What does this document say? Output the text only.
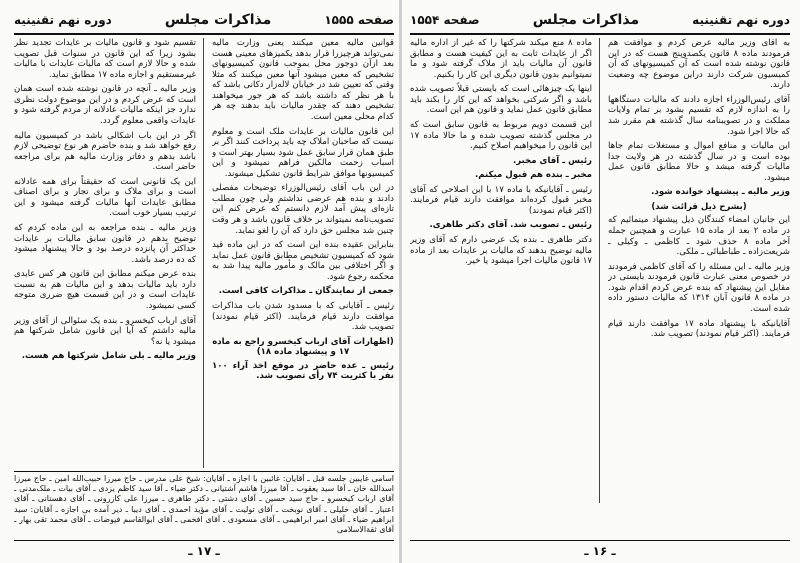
صفحه ۱۵۵۵
مذاکرات مجلس
دوره نهم تقنینیه

قوانین مالیه معین میکنند یعنی وزارت مالیه نمی‌تواند هرچیزرا قرار بدهد یکمیزهای معینی هست بعد ازآن دوجور محل بموجب قانون کمیسیونهای تشخیص که معین میشود آنها معین میکنند که مثلا وقتی که تعیین شد در خیابان لاله‌زار دکانی باشد که با هر نظر که داشته باشد که هر جور میخواهند تشخیص دهند که چقدر مالیات باید بدهند چه هر کدام محلی معین است.

این قانون مالیات بر عایدات ملک است و معلوم نیست که صاحبان املاک چه باید پرداخت کنند اگر بر طبق همان قرار سابق عمل شود بسیار بهتر است و اسباب زحمت مالکین فراهم نمیشود و این کمیسیونها موافق شرایط قانون تشکیل میشوند.

در این باب آقای رئیس‌الوزراء توضیحات مفصلی دادند و بنده هم عرضی نداشتم ولی چون مطلب تازه‌ای پیش آمد لازم دانستم که عرض کنم این تصویب‌نامه نمیتواند بر خلاف قانون باشد و هر وقت چنین شد مجلس حق دارد که آن را لغو نماید.

بنابراین عقیده بنده این است که در این ماده قید شود که کمیسیون تشخیص مطابق قانون عمل نماید و اگر اختلافی بین مالک و مأمور مالیه پیدا شد به محکمه رجوع شود.

جمعی از نمایندگان ـ مذاکرات کافی است.

رئیس ـ آقایانی که با مسدود شدن باب مذاکرات موافقت دارند قیام فرمایند. (اکثر قیام نمودند) تصویب شد.

(اظهارات آقای ارباب کیخسرو راجع به ماده ۱۷ و پیشنهاد ماده ۱۸)

رئیس ـ عده حاضر در موقع اخذ آراء ۱۰۰ نفر با کثریت ۷۴ رأی تصویب شد.

تقسیم شود و قانون مالیات بر عایدات تجدید نظر بشود زیرا که این قانون در سنوات قبل تصویب شده و حالا لازم است که مالیات عایدات با مالیات غیرمستقیم و اجازه ماده ۱۷ مطابق نماید.

وزیر مالیه ـ آنچه در قانون نوشته شده است همان است که عرض کردم و در این موضوع دولت نظری ندارد جز اینکه مالیات عادلانه از مردم گرفته شود و عایدات واقعی معلوم گردد.

اگر در این باب اشکالی باشد در کمیسیون مالیه رفع خواهد شد و بنده حاضرم هر نوع توضیحی لازم باشد بدهم و دفاتر وزارت مالیه هم برای مراجعه حاضر است.

این یک قانونی است که حقیقتاً برای همه عادلانه است و برای ملاک و برای تجار و برای اصناف مطابق عایدات آنها مالیات گرفته میشود و این ترتیب بسیار خوب است.

وزیر مالیه ـ بنده مراجعه به این ماده کردم که توضیح بدهم در قانون سابق مالیات بر عایدات حداکثر آن پانزده درصد بود و حالا پیشنهاد میشود که ده درصد باشد.

بنده عرض میکنم مطابق این قانون هر کس عایدی دارد باید مالیات بدهد و این مالیات هم به نسبت عایدات است و در این قسمت هیچ ضرری متوجه کسی نمیشود.

آقای ارباب کیخسرو ـ بنده یک سئوالی از آقای وزیر مالیه داشتم که آیا این قانون شامل شرکتها هم میشود یا نه؟

وزیر مالیه ـ بلی شامل شرکتها هم هست.

اسامی غایبین جلسه قبل ـ آقایان: غائبین با اجازه ـ آقایان: شیخ علی مدرس ـ حاج میرزا حبیب‌الله امین ـ حاج میرزا اسدالله خان ـ آقا سید یعقوب ـ آقا میرزا هاشم آشتیانی ـ دکتر ضیاء ـ آقا سید کاظم یزدی ـ آقای بیات ـ ملک‌مدنی ـ آقای ارباب کیخسرو ـ حاج سید حسین ـ آقای دشتی ـ دکتر طاهری ـ میرزا علی کازرونی ـ آقای دهستانی ـ آقای اعتبار ـ آقای خلیلی ـ آقای نوبخت ـ آقای تولیت ـ آقای مؤید احمدی ـ آقای دیبا ـ دیر آمده بی اجازه ـ آقایان: سید ابراهیم ضیاء ـ آقای امیر ابراهیمی ـ آقای مسعودی ـ آقای افخمی ـ آقای ابوالقاسم فیوضات ـ آقای محمد تقی بهار ـ آقای ثقةالاسلامی
ـ ۱۷ ـ
دوره نهم تقنینیه
مذاکرات مجلس
صفحه ۱۵۵۴

به آقای وزیر مالیه عرض کردم و موافقت هم فرمودند ماده ۸ قانون یکصدوپنج هست که در این قانون نوشته شده است که آن کمیسیونهای که آن کمیسیون شرکت دارند دراین موضوع چه وضعیت دارند.

آقای رئیس‌الوزراء اجازه دادند که مالیات دستگاهها را به اندازه لازم که تقسیم بشود بر تمام ولایات مملکت و در تصویبنامه سال گذشته هم مقرر شد که حالا اجرا شود.

این مالیات و منافع اموال و مستغلات تمام جاها بوده است و در سال گذشته در هر ولایت جدا مالیات گرفته میشد و حالا مطابق قانون عمل میشود.

وزیر مالیه ـ پیشنهاد خوانده شود.

(بشرح ذیل قرائت شد)

این جانبان امضاء کنندگان ذیل پیشنهاد مینمائیم که در ماده ۲ بعد از ماده ۱۵ عبارت و همچنین جمله آخر ماده ۸ حذف شود ـ کاظمی ـ وکیلی ـ شریعت‌زاده ـ طباطبائی ـ ملکی.

وزیر مالیه ـ این مسئله را که آقای کاظمی فرمودند در خصوص معنی عبارت قانون فرمودند بایستی در مقابل این پیشنهاد که بنده عرض کردم اقدام شود. در ماده ۸ قانون آبان ۱۳۱۴ که مالیات دستور داده شده است.

آقایانیکه با پیشنهاد ماده ۱۷ موافقت دارند قیام فرمایند. (اکثر قیام نمودند) تصویب شد.

ماده ۸ منع میکند شرکتها را که غیر از اداره مالیه اگر از عایدات ثابت به این کیفیت هست و مطابق قانون آن مالیات باید از ملاک گرفته شود و ما نمیتوانیم بدون قانون دیگری این کار را بکنیم.

اینها یک چیزهائی است که بایستی قبلاً تصویب شده باشد و اگر شرکتی بخواهد که این کار را بکند باید مطابق قانون عمل نماید و قانون هم این است.

این قسمت دویم مربوط به قانون سابق است که در مجلس گذشته تصویب شده و ما حالا ماده ۱۷ این قانون را میخواهیم اصلاح کنیم.

رئیس ـ آقای مخبر.

مخبر ـ بنده هم قبول میکنم.

رئیس ـ آقایانیکه با ماده ۱۷ با این اصلاحی که آقای مخبر قبول کرده‌اند موافقت دارند قیام فرمایند. (اکثر قیام نمودند)

رئیس ـ تصویب شد. آقای دکتر طاهری.

دکتر طاهری ـ بنده یک عرضی دارم که آقای وزیر مالیه توضیح بدهند که مالیات بر عایدات بعد از ماده ۱۷ قانون مالیات اجرا میشود یا خیر.

ـ ۱۶ ـ
